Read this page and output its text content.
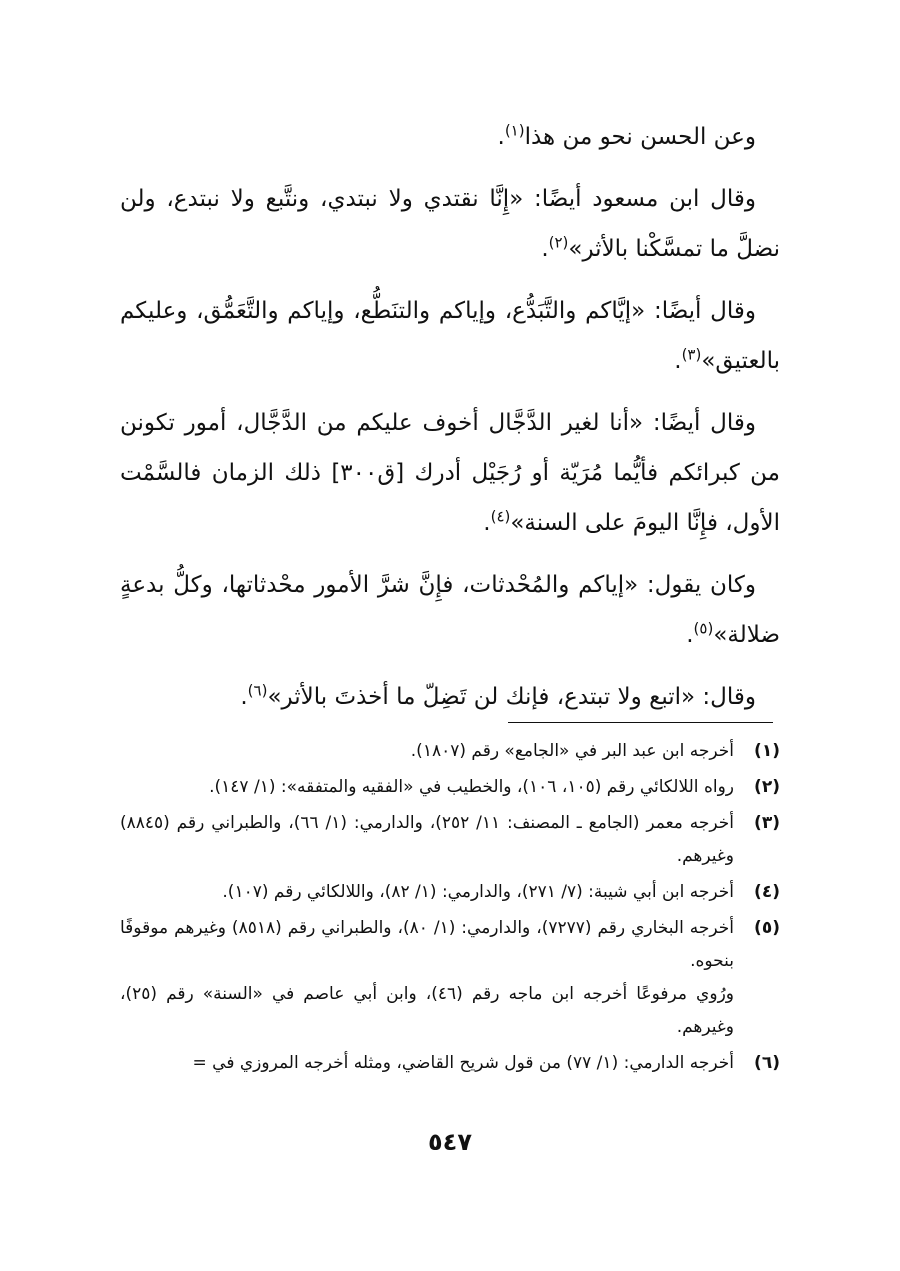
وعن الحسن نحو من هذا$^{(١)}$.

وقال ابن مسعود أيضًا: «إِنَّا نقتدي ولا نبتدي، ونتَّبع ولا نبتدع، ولن نضلَّ ما تمسَّكْنا بالأثر»$^{(٢)}$.

وقال أيضًا: «إيَّاكم والتَّبَدُّع، وإياكم والتنَطُّع، وإياكم والتَّعَمُّق، وعليكم بالعتيق»$^{(٣)}$.

وقال أيضًا: «أنا لغير الدَّجَّال أخوف عليكم من الدَّجَّال، أمور تكونن من كبرائكم فأيُّما مُرَيّة أو رُجَيْل أدرك [ق٣٠٠] ذلك الزمان فالسَّمْت الأول، فإِنَّا اليومَ على السنة»$^{(٤)}$.

وكان يقول: «إياكم والمُحْدثات، فإِنَّ شرَّ الأمور محْدثاتها، وكلُّ بدعةٍ ضلالة»$^{(٥)}$.

وقال: «اتبع ولا تبتدع، فإنك لن تَضِلّ ما أخذتَ بالأثر»$^{(٦)}$.

(١)

أخرجه ابن عبد البر في «الجامع» رقم (١٨٠٧).

(٢)

رواه اللالكائي رقم (١٠٥، ١٠٦)، والخطيب في «الفقيه والمتفقه»: (١/ ١٤٧).

(٣)

أخرجه معمر (الجامع ـ المصنف: ١١/ ٢٥٢)، والدارمي: (١/ ٦٦)، والطبراني رقم (٨٨٤٥) وغيرهم.

(٤)

أخرجه ابن أبي شيبة: (٧/ ٢٧١)، والدارمي: (١/ ٨٢)، واللالكائي رقم (١٠٧).

(٥)

أخرجه البخاري رقم (٧٢٧٧)، والدارمي: (١/ ٨٠)، والطبراني رقم (٨٥١٨) وغيرهم موقوفًا بنحوه.

ورُوي مرفوعًا أخرجه ابن ماجه رقم (٤٦)، وابن أبي عاصم في «السنة» رقم (٢٥)، وغيرهم.

(٦)

أخرجه الدارمي: (١/ ٧٧) من قول شريح القاضي، ومثله أخرجه المروزي في =

٥٤٧
